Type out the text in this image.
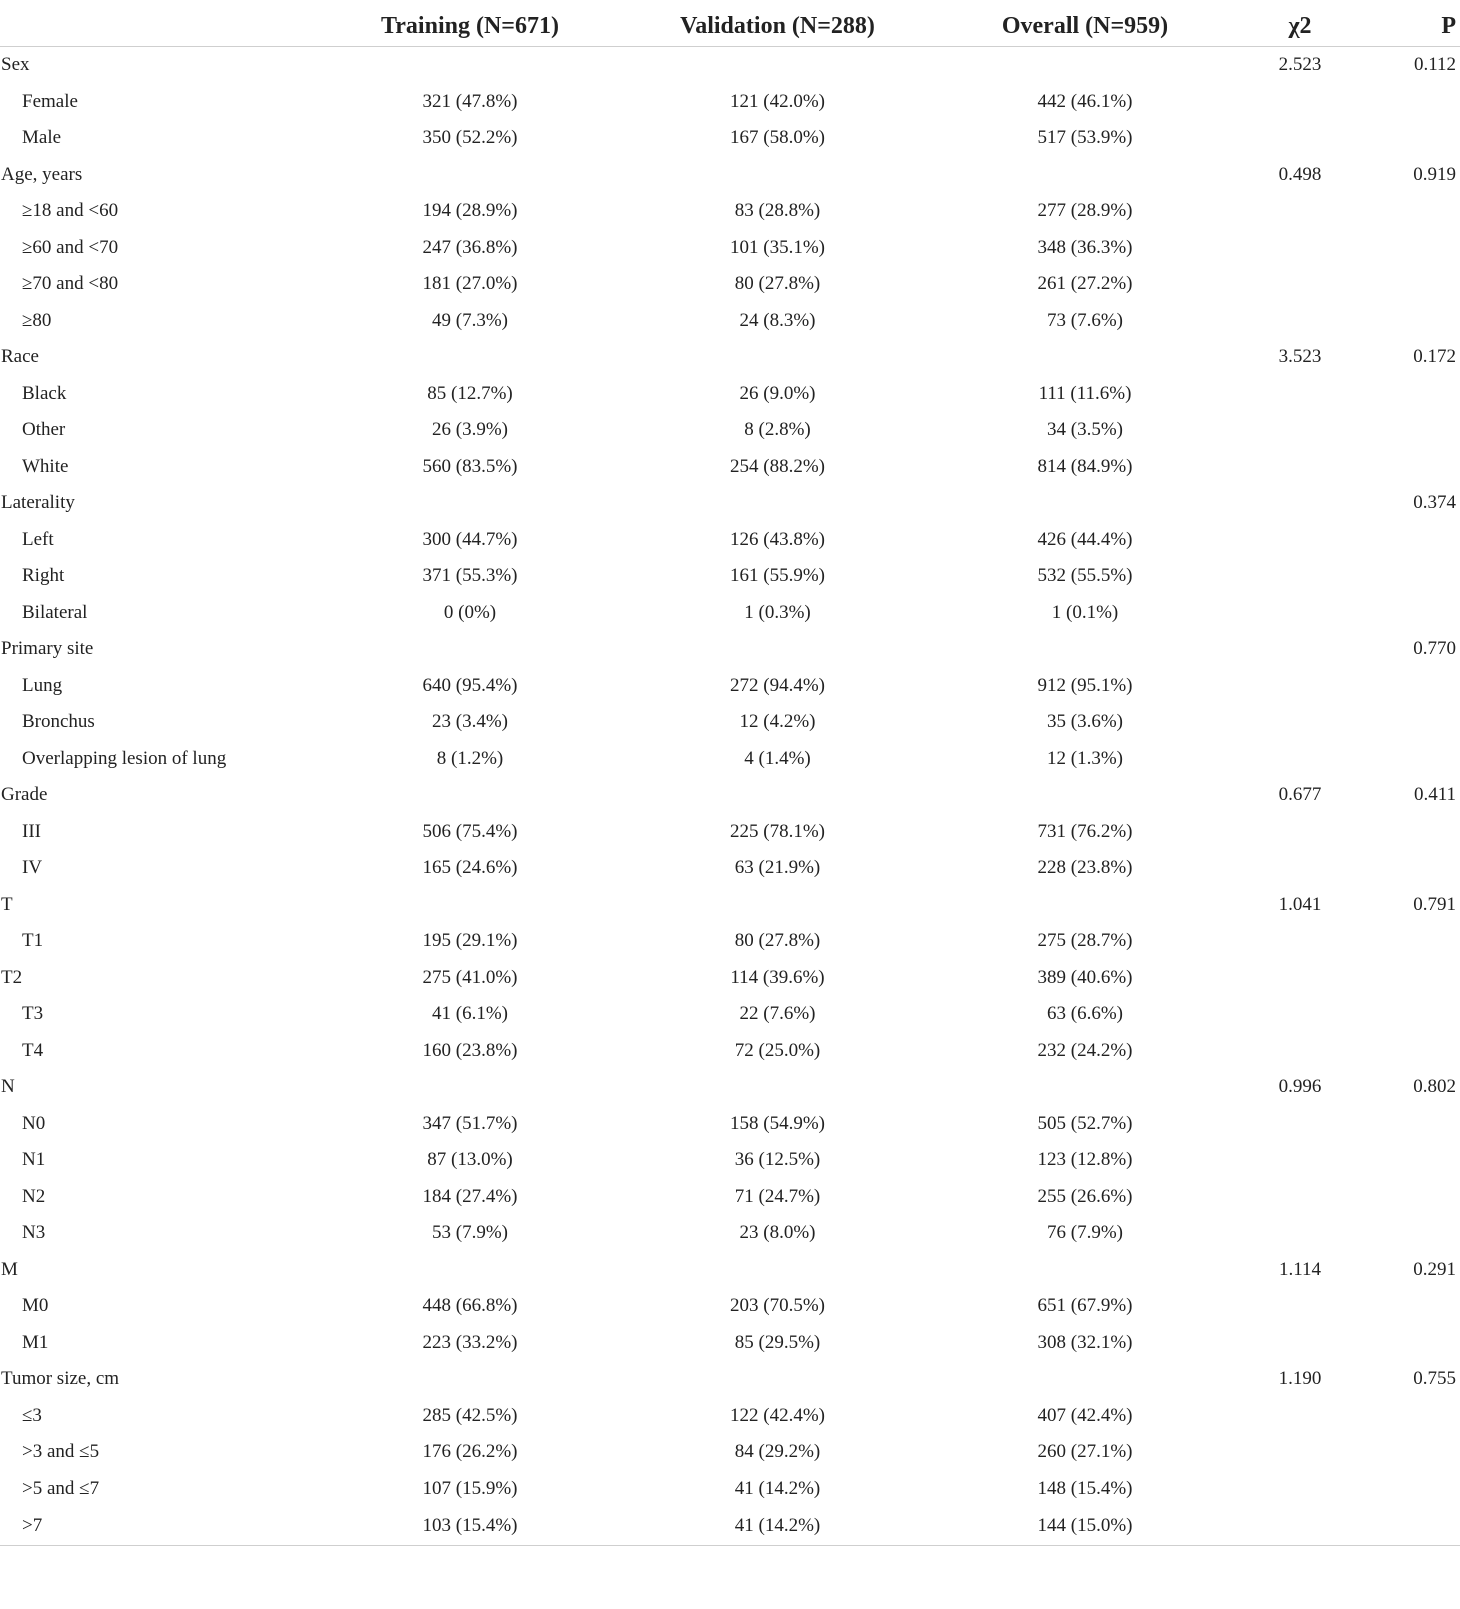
	Training (N=671)	Validation (N=288)	Overall (N=959)	χ2	P
Sex				2.523	0.112
Female	321 (47.8%)	121 (42.0%)	442 (46.1%)		
Male	350 (52.2%)	167 (58.0%)	517 (53.9%)		
Age, years				0.498	0.919
≥18 and <60	194 (28.9%)	83 (28.8%)	277 (28.9%)		
≥60 and <70	247 (36.8%)	101 (35.1%)	348 (36.3%)		
≥70 and <80	181 (27.0%)	80 (27.8%)	261 (27.2%)		
≥80	49 (7.3%)	24 (8.3%)	73 (7.6%)		
Race				3.523	0.172
Black	85 (12.7%)	26 (9.0%)	111 (11.6%)		
Other	26 (3.9%)	8 (2.8%)	34 (3.5%)		
White	560 (83.5%)	254 (88.2%)	814 (84.9%)		
Laterality					0.374
Left	300 (44.7%)	126 (43.8%)	426 (44.4%)		
Right	371 (55.3%)	161 (55.9%)	532 (55.5%)		
Bilateral	0 (0%)	1 (0.3%)	1 (0.1%)		
Primary site					0.770
Lung	640 (95.4%)	272 (94.4%)	912 (95.1%)		
Bronchus	23 (3.4%)	12 (4.2%)	35 (3.6%)		
Overlapping lesion of lung	8 (1.2%)	4 (1.4%)	12 (1.3%)		
Grade				0.677	0.411
III	506 (75.4%)	225 (78.1%)	731 (76.2%)		
IV	165 (24.6%)	63 (21.9%)	228 (23.8%)		
T				1.041	0.791
T1	195 (29.1%)	80 (27.8%)	275 (28.7%)		
T2	275 (41.0%)	114 (39.6%)	389 (40.6%)		
T3	41 (6.1%)	22 (7.6%)	63 (6.6%)		
T4	160 (23.8%)	72 (25.0%)	232 (24.2%)		
N				0.996	0.802
N0	347 (51.7%)	158 (54.9%)	505 (52.7%)		
N1	87 (13.0%)	36 (12.5%)	123 (12.8%)		
N2	184 (27.4%)	71 (24.7%)	255 (26.6%)		
N3	53 (7.9%)	23 (8.0%)	76 (7.9%)		
M				1.114	0.291
M0	448 (66.8%)	203 (70.5%)	651 (67.9%)		
M1	223 (33.2%)	85 (29.5%)	308 (32.1%)		
Tumor size, cm				1.190	0.755
≤3	285 (42.5%)	122 (42.4%)	407 (42.4%)		
>3 and ≤5	176 (26.2%)	84 (29.2%)	260 (27.1%)		
>5 and ≤7	107 (15.9%)	41 (14.2%)	148 (15.4%)		
>7	103 (15.4%)	41 (14.2%)	144 (15.0%)		
